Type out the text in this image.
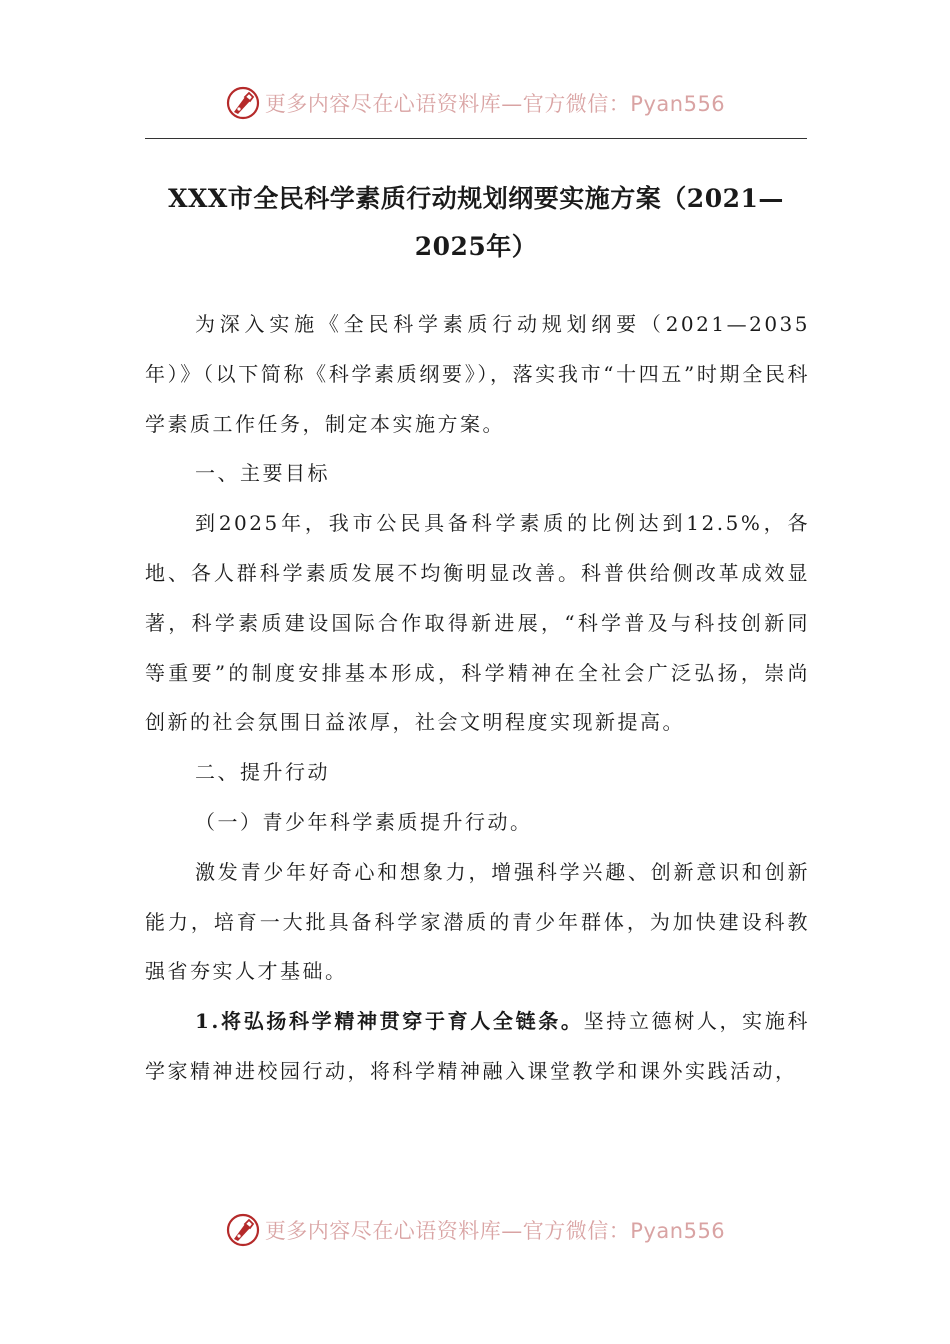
更多内容尽在心语资料库—官方微信：Pyan556
XXX市全民科学素质行动规划纲要实施方案（2021—2025年）

为深入实施《全民科学素质行动规划纲要（2021—2035年）》（以下简称《科学素质纲要》），落实我市“十四五”时期全民科学素质工作任务，制定本实施方案。

一、主要目标

到2025年，我市公民具备科学素质的比例达到12.5%，各地、各人群科学素质发展不均衡明显改善。科普供给侧改革成效显著，科学素质建设国际合作取得新进展，“科学普及与科技创新同等重要”的制度安排基本形成，科学精神在全社会广泛弘扬，崇尚创新的社会氛围日益浓厚，社会文明程度实现新提高。

二、提升行动

（一）青少年科学素质提升行动。

激发青少年好奇心和想象力，增强科学兴趣、创新意识和创新能力，培育一大批具备科学家潜质的青少年群体，为加快建设科教强省夯实人才基础。

1.将弘扬科学精神贯穿于育人全链条。坚持立德树人，实施科学家精神进校园行动，将科学精神融入课堂教学和课外实践活动，

更多内容尽在心语资料库—官方微信：Pyan556
